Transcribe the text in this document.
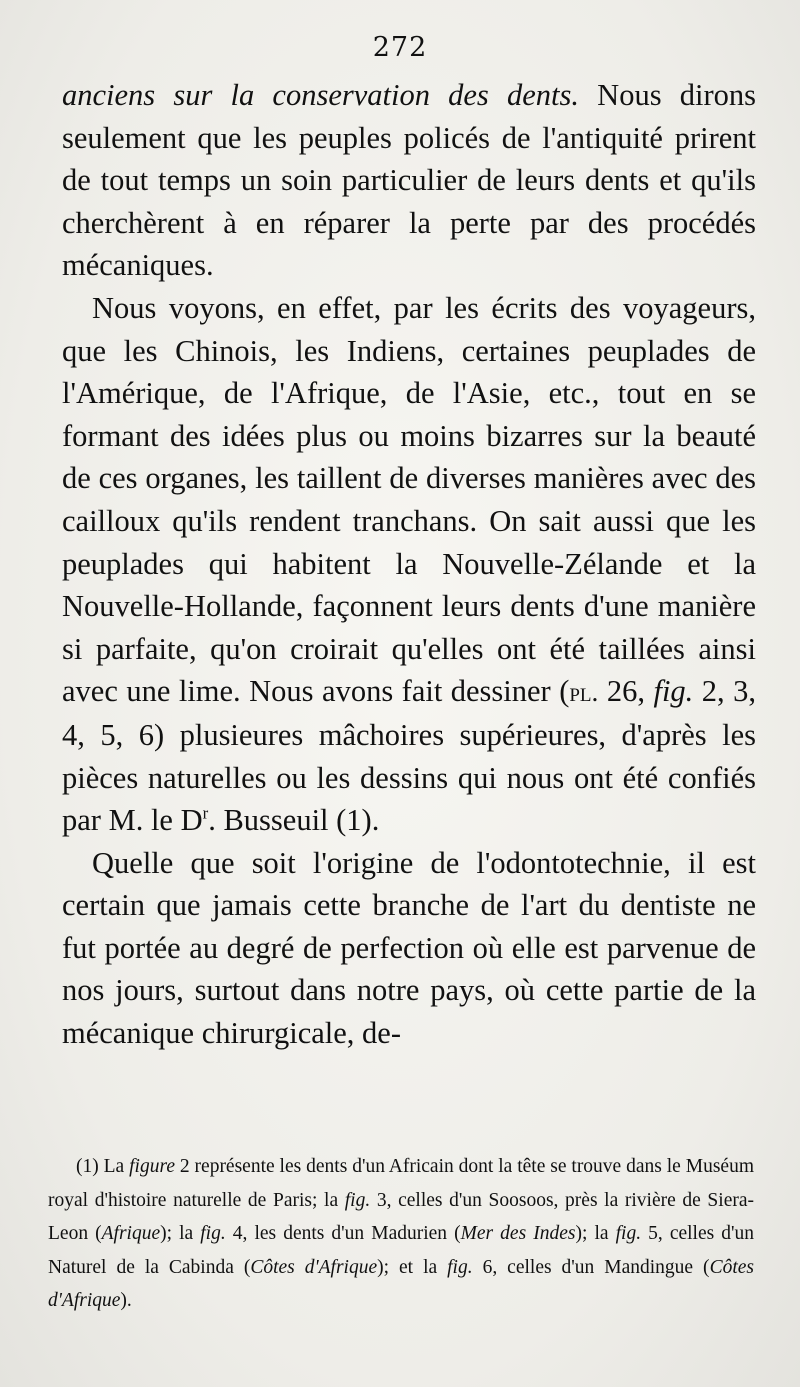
272

anciens sur la conservation des dents. Nous dirons seulement que les peuples policés de l'antiquité prirent de tout temps un soin particulier de leurs dents et qu'ils cherchèrent à en réparer la perte par des procédés mécaniques.

Nous voyons, en effet, par les écrits des voyageurs, que les Chinois, les Indiens, certaines peuplades de l'Amérique, de l'Afrique, de l'Asie, etc., tout en se formant des idées plus ou moins bizarres sur la beauté de ces organes, les taillent de diverses manières avec des cailloux qu'ils rendent tranchans. On sait aussi que les peuplades qui habitent la Nouvelle-Zélande et la Nouvelle-Hollande, façonnent leurs dents d'une manière si parfaite, qu'on croirait qu'elles ont été taillées ainsi avec une lime. Nous avons fait dessiner (pl. 26, fig. 2, 3, 4, 5, 6) plusieures mâchoires supérieures, d'après les pièces naturelles ou les dessins qui nous ont été confiés par M. le $D^r$. Busseuil (1).

Quelle que soit l'origine de l'odontotechnie, il est certain que jamais cette branche de l'art du dentiste ne fut portée au degré de perfection où elle est parvenue de nos jours, surtout dans notre pays, où cette partie de la mécanique chirurgicale, de-

(1) La figure 2 représente les dents d'un Africain dont la tête se trouve dans le Muséum royal d'histoire naturelle de Paris; la fig. 3, celles d'un Soosoos, près la rivière de Siera-Leon (Afrique); la fig. 4, les dents d'un Madurien (Mer des Indes); la fig. 5, celles d'un Naturel de la Cabinda (Côtes d'Afrique); et la fig. 6, celles d'un Mandingue (Côtes d'Afrique).
